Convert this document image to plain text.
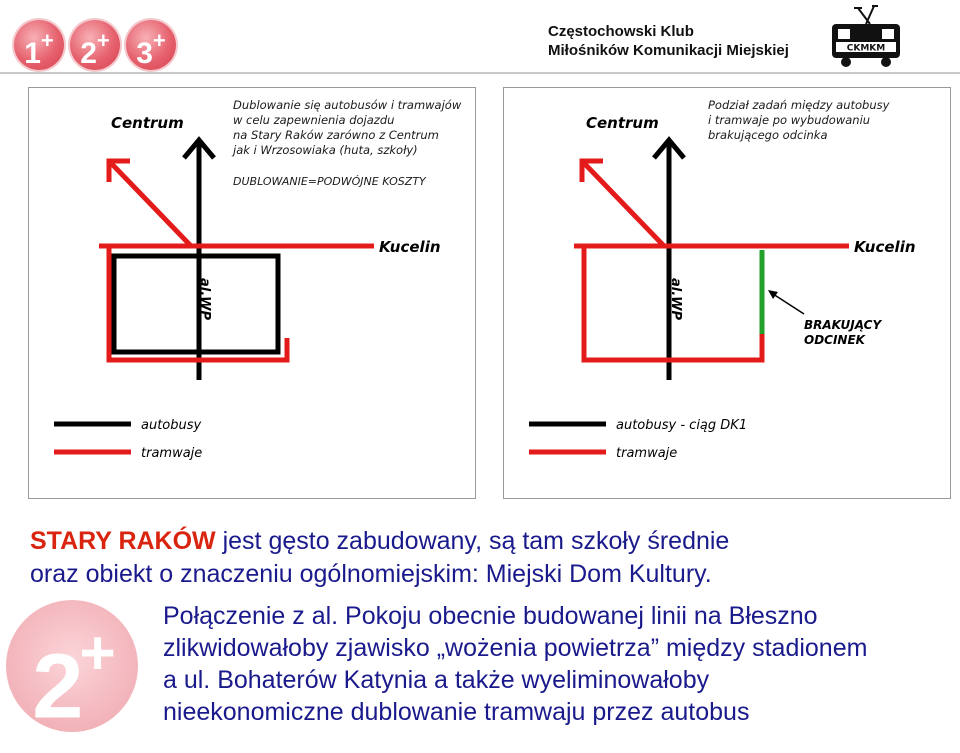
1+ 2+ 3+	Częstochowski Klub
Miłośników Komunikacji Miejskiej	CKMKM
Centrum
Kucelin
al.WP
autobusy
tramwaje
Dublowanie się autobusów i tramwajów
w celu zapewnienia dojazdu
na Stary Raków zarówno z Centrum
jak i Wrzosowiaka (huta, szkoły)
DUBLOWANIE=PODWÓJNE KOSZTY
Centrum
Kucelin
al.WP
BRAKUJĄCY
ODCINEK
autobusy - ciąg DK1
tramwaje
Podział zadań między autobusy
i tramwaje po wybudowaniu
brakującego odcinka
STARY RAKÓW jest gęsto zabudowany, są tam szkoły średnie
oraz obiekt o znaczeniu ogólnomiejskim: Miejski Dom Kultury.
2+
Połączenie z al. Pokoju obecnie budowanej linii na Błeszno
zlikwidowałoby zjawisko „wożenia powietrza” między stadionem
a ul. Bohaterów Katynia a także wyeliminowałoby
nieekonomiczne dublowanie tramwaju przez autobus
